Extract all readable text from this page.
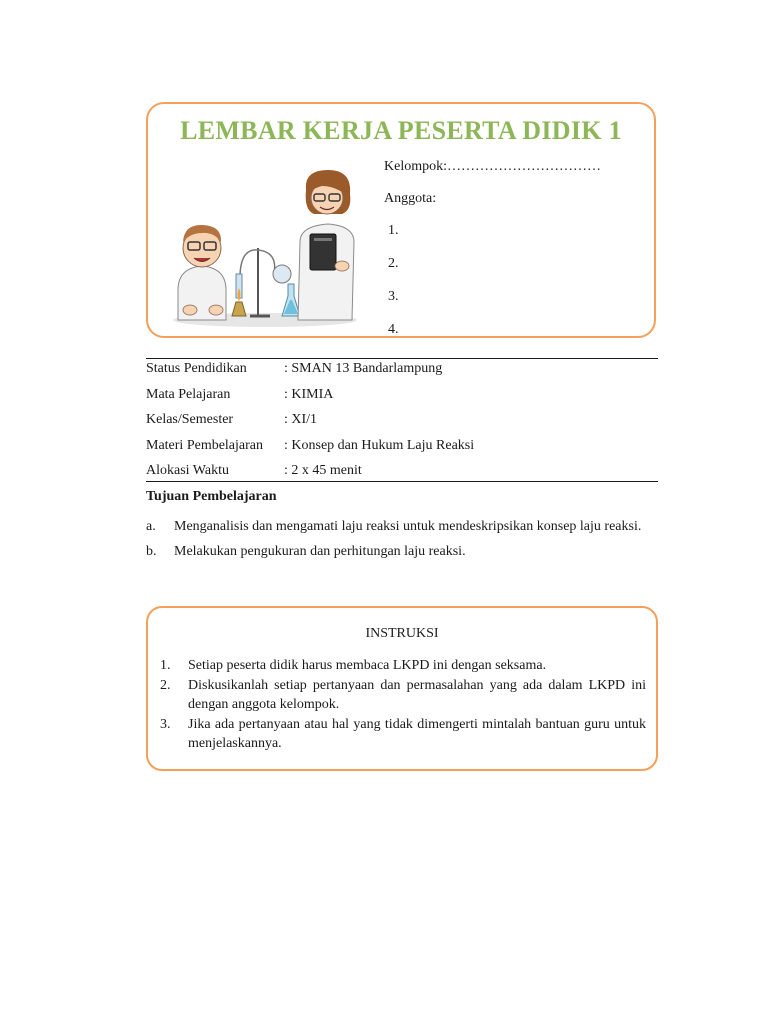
LEMBAR KERJA PESERTA DIDIK 1
Kelompok:……………………………
Anggota:
1.
2.
3.
4.
Status Pendidikan	: SMAN 13 Bandarlampung
Mata Pelajaran	: KIMIA
Kelas/Semester	: XI/1
Materi Pembelajaran	: Konsep dan Hukum Laju Reaksi
Alokasi Waktu	: 2 x 45 menit
Tujuan Pembelajaran
a.	Menganalisis dan mengamati laju reaksi untuk mendeskripsikan konsep laju reaksi.
b.	Melakukan pengukuran dan perhitungan laju reaksi.
INSTRUKSI
1.	Setiap peserta didik harus membaca LKPD ini dengan seksama.
2.	Diskusikanlah setiap pertanyaan dan permasalahan yang ada dalam LKPD ini dengan anggota kelompok.
3.	Jika ada pertanyaan atau hal yang tidak dimengerti mintalah bantuan guru untuk menjelaskannya.
